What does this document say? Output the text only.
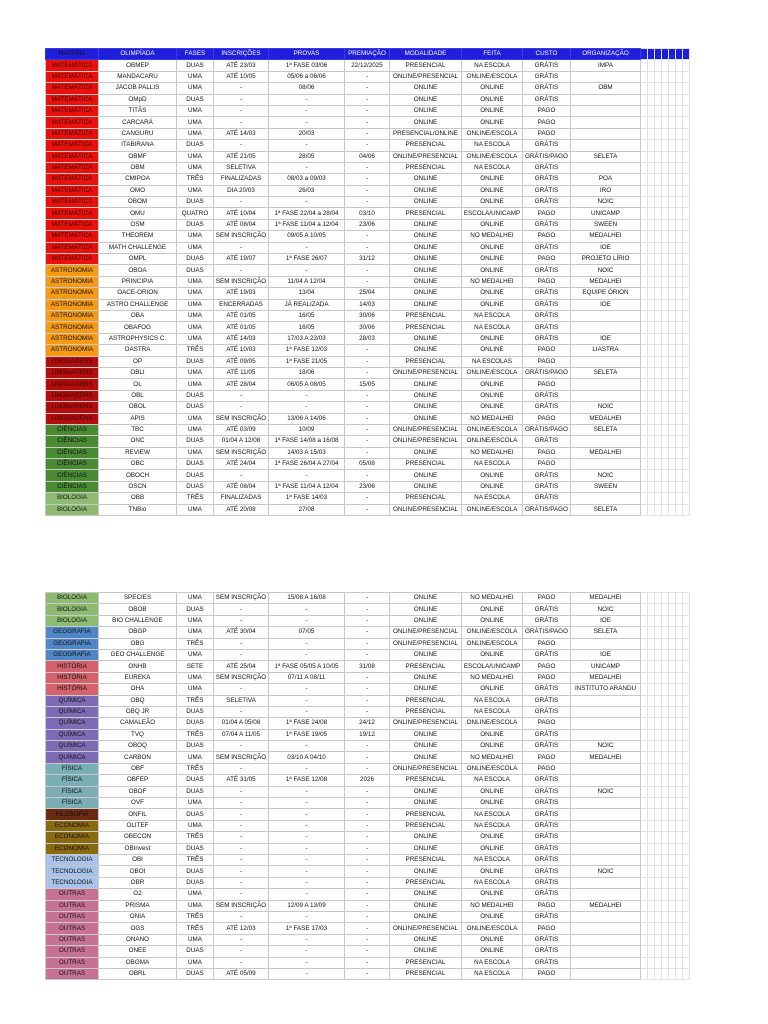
MATÉRIA	OLIMPÍADA	FASES	INSCRIÇÕES	PROVAS	PREMIAÇÃO	MODALIDADE	FEITA	CUSTO	ORGANIZAÇÃO							
MATEMÁTICA	OBMEP	DUAS	ATÉ 23/03	1ª FASE 03/06	22/12/2025	PRESENCIAL	NA ESCOLA	GRÁTIS	IMPA							
MATEMÁTICA	MANDACARU	UMA	ATÉ 10/05	05/06 a 06/06	-	ONLINE/PRESENCIAL	ONLINE/ESCOLA	GRÁTIS								
MATEMÁTICA	JACOB PALLIS	UMA	-	08/06	-	ONLINE	ONLINE	GRÁTIS	OBM							
MATEMÁTICA	OMpD	DUAS	-	-	-	ONLINE	ONLINE	GRÁTIS								
MATEMÁTICA	TITÃS	UMA	-	-	-	ONLINE	ONLINE	PAGO								
MATEMÁTICA	CARCARÁ	UMA	-	-	-	ONLINE	ONLINE	PAGO								
MATEMÁTICA	CANGURU	UMA	ATÉ 14/03	20/03	-	PRESENCIAL/ONLINE	ONLINE/ESCOLA	PAGO								
MATEMÁTICA	ITABIRANA	DUAS	-	-	-	PRESENCIAL	NA ESCOLA	GRÁTIS								
MATEMÁTICA	OBMF	UMA	ATÉ 21/05	28/05	04/06	ONLINE/PRESENCIAL	ONLINE/ESCOLA	GRÁTIS/PAGO	SELETA							
MATEMÁTICA	OBM	UMA	SELETIVA	-	-	PRESENCIAL	NA ESCOLA	GRÁTIS								
MATEMÁTICA	CMIPOA	TRÊS	FINALIZADAS	08/03 a 09/03	-	ONLINE	ONLINE	GRÁTIS	POA							
MATEMÁTICA	OMO	UMA	DIA 20/03	26/03	-	ONLINE	ONLINE	GRÁTIS	IRO							
MATEMÁTICA	OBOM	DUAS	-	-	-	ONLINE	ONLINE	GRÁTIS	NOIC							
MATEMÁTICA	OMU	QUATRO	ATÉ 10/04	1ª FASE 22/04 a 28/04	03/10	PRESENCIAL	ESCOLA/UNICAMP	PAGO	UNICAMP							
MATEMÁTICA	OSM	DUAS	ATÉ 08/04	1ª FASE 11/04 a 12/04	23/06	ONLINE	ONLINE	GRÁTIS	SWEEN							
MATEMÁTICA	THEOREM	UMA	SEM INSCRIÇÃO	09/05 A 10/05	-	ONLINE	NO MEDALHEI	PAGO	MEDALHEI							
MATEMÁTICA	MATH CHALLENGE	UMA	-	-	-	ONLINE	ONLINE	GRÁTIS	IOE							
MATEMÁTICA	OMPL	DUAS	ATÉ 19/07	1ª FASE 26/07	31/12	ONLINE	ONLINE	PAGO	PROJETO LÍRIO							
ASTRONOMIA	OBOA	DUAS	-	-	-	ONLINE	ONLINE	GRÁTIS	NOIC							
ASTRONOMIA	PRINCIPIA	UMA	SEM INSCRIÇÃO	11/04 A 12/04	-	ONLINE	NO MEDALHEI	PAGO	MEDALHEI							
ASTRONOMIA	OACE-ORION	UMA	ATÉ 19/03	13/04	25/04	ONLINE	ONLINE	GRÁTIS	EQUIPE ÓRION							
ASTRONOMIA	ASTRO CHALLENGE	UMA	ENCERRADAS	JÁ REALIZADA	14/03	ONLINE	ONLINE	GRÁTIS	IOE							
ASTRONOMIA	OBA	UMA	ATÉ 01/05	16/05	30/06	PRESENCIAL	NA ESCOLA	GRÁTIS								
ASTRONOMIA	OBAFOG	UMA	ATÉ 01/05	16/05	30/06	PRESENCIAL	NA ESCOLA	GRÁTIS								
ASTRONOMIA	ASTROPHYSICS C.	UMA	ATÉ 14/03	17/03 A 23/03	28/03	ONLINE	ONLINE	GRÁTIS	IOE							
ASTRONOMIA	OASTRA	TRÊS	ATÉ 10/03	1ª FASE 12/03	-	ONLINE	ONLINE	PAGO	LIASTRA							
LINGUAGENS	OP	DUAS	ATÉ 09/05	1ª FASE 21/05	-	PRESENCIAL	NA ESCOLAS	PAGO								
LINGUAGENS	OBLI	UMA	ATÉ 11/05	18/06	-	ONLINE/PRESENCIAL	ONLINE/ESCOLA	GRÁTIS/PAGO	SELETA							
LINGUAGENS	OL	UMA	ATÉ 28/04	06/05 A 08/05	15/05	ONLINE	ONLINE	PAGO								
LINGUAGENS	OBL	DUAS	-	-	-	ONLINE	ONLINE	GRÁTIS								
LINGUAGENS	OBOL	DUAS	-	-	-	ONLINE	ONLINE	GRÁTIS	NOIC							
LINGUAGENS	APIS	UMA	SEM INSCRIÇÃO	13/06 A 14/06	-	ONLINE	NO MEDALHEI	PAGO	MEDALHEI							
CIÊNCIAS	TBC	UMA	ATÉ 03/09	10/09	-	ONLINE/PRESENCIAL	ONLINE/ESCOLA	GRÁTIS/PAGO	SELETA							
CIÊNCIAS	ONC	DUAS	01/04 A 12/08	1ª FASE 14/08 a 16/08	-	ONLINE/PRESENCIAL	ONLINE/ESCOLA	GRÁTIS								
CIÊNCIAS	REVIEW	UMA	SEM INSCRIÇÃO	14/03 A 15/03	-	ONLINE	NO MEDALHEI	PAGO	MEDALHEI							
CIÊNCIAS	OBC	DUAS	ATÉ 24/04	1ª FASE 26/04 A 27/04	05/08	PRESENCIAL	NA ESCOLA	PAGO								
CIÊNCIAS	OBOCH	DUAS	-	-	-	ONLINE	ONLINE	GRÁTIS	NOIC							
CIÊNCIAS	OSCN	DUAS	ATÉ 08/04	1ª FASE 11/04 A 12/04	23/06	ONLINE	ONLINE	GRÁTIS	SWEEN							
BIOLOGIA	OBB	TRÊS	FINALIZADAS	1ª FASE 14/03	-	PRESENCIAL	NA ESCOLA	GRÁTIS								
BIOLOGIA	TNBio	UMA	ATÉ 20/08	27/08	-	ONLINE/PRESENCIAL	ONLINE/ESCOLA	GRÁTIS/PAGO	SELETA							
BIOLOGIA	SPECIES	UMA	SEM INSCRIÇÃO	15/08 A 16/08	-	ONLINE	NO MEDALHEI	PAGO	MEDALHEI							
BIOLOGIA	OBOB	DUAS	-	-	-	ONLINE	ONLINE	GRÁTIS	NOIC							
BIOLOGIA	BIO CHALLENGE	UMA	-	-	-	ONLINE	ONLINE	GRÁTIS	IOE							
GEOGRAFIA	OBGP	UMA	ATÉ 30/04	07/05	-	ONLINE/PRESENCIAL	ONLINE/ESCOLA	GRÁTIS/PAGO	SELETA							
GEOGRAFIA	OBG	TRÊS	-	-	-	ONLINE/PRESENCIAL	ONLINE/ESCOLA	PAGO								
GEOGRAFIA	GEO CHALLENGE	UMA	-	-	-	ONLINE	ONLINE	GRÁTIS	IOE							
HISTÓRIA	ONHB	SETE	ATÉ 25/04	1ª FASE 05/05 A 10/05	31/08	PRESENCIAL	ESCOLA/UNICAMP	PAGO	UNICAMP							
HISTÓRIA	EUREKA	UMA	SEM INSCRIÇÃO	07/11 A 08/11	-	ONLINE	NO MEDALHEI	PAGO	MEDALHEI							
HISTÓRIA	OHA	UMA	-	-	-	ONLINE	ONLINE	GRÁTIS	INSTITUTO ARANDU							
QUÍMICA	OBQ	TRÊS	SELETIVA	-	-	PRESENCIAL	NA ESCOLA	GRÁTIS								
QUÍMICA	OBQ JR	DUAS	-	-	-	PRESENCIAL	NA ESCOLA	GRÁTIS								
QUÍMICA	CAMALEÃO	DUAS	01/04 A 05/08	1ª FASE 24/08	24/12	ONLINE/PRESENCIAL	ONLINE/ESCOLA	PAGO								
QUÍMICA	TVQ	TRÊS	07/04 A 11/05	1ª FASE 19/05	19/12	ONLINE	ONLINE	GRÁTIS								
QUÍMICA	OBOQ	DUAS	-	-	-	ONLINE	ONLINE	GRÁTIS	NOIC							
QUÍMICA	CARBON	UMA	SEM INSCRIÇÃO	03/10 A 04/10	-	ONLINE	NO MEDALHEI	PAGO	MEDALHEI							
FÍSICA	OBF	TRÊS	-	-	-	ONLINE/PRESENCIAL	ONLINE/ESCOLA	PAGO								
FÍSICA	OBFEP	DUAS	ATÉ 31/05	1ª FASE 12/08	2026	PRESENCIAL	NA ESCOLA	GRÁTIS								
FÍSICA	OBOF	DUAS	-	-	-	ONLINE	ONLINE	GRÁTIS	NOIC							
FÍSICA	OVF	UMA	-	-	-	ONLINE	ONLINE	GRÁTIS								
FILOSOFIA	ONFIL	DUAS	-	-	-	PRESENCIAL	NA ESCOLA	GRÁTIS								
ECONOMIA	OLITEF	UMA	-	-	-	PRESENCIAL	NA ESCOLA	GRÁTIS								
ECONOMIA	OBECON	TRÊS	-	-	-	ONLINE	ONLINE	GRÁTIS								
ECONOMIA	OBInvest	DUAS	-	-	-	ONLINE	ONLINE	GRÁTIS								
TECNOLOGIA	OBI	TRÊS	-	-	-	PRESENCIAL	NA ESCOLA	GRÁTIS								
TECNOLOGIA	OBOI	DUAS	-	-	-	ONLINE	ONLINE	GRÁTIS	NOIC							
TECNOLOGIA	OBR	DUAS	-	-	-	PRESENCIAL	NA ESCOLA	GRÁTIS								
OUTRAS	O2	UMA	-	-	-	ONLINE	ONLINE	GRÁTIS								
OUTRAS	PRISMA	UMA	SEM INSCRIÇÃO	12/09 A 13/09	-	ONLINE	NO MEDALHEI	PAGO	MEDALHEI							
OUTRAS	ONIA	TRÊS	-	-	-	ONLINE	ONLINE	GRÁTIS								
OUTRAS	OGS	TRÊS	ATÉ 12/03	1ª FASE 17/03	-	ONLINE/PRESENCIAL	ONLINE/ESCOLA	PAGO								
OUTRAS	ONANO	UMA	-	-	-	ONLINE	ONLINE	GRÁTIS								
OUTRAS	ONEE	DUAS	-	-	-	ONLINE	ONLINE	GRÁTIS								
OUTRAS	OBGMA	UMA	-	-	-	PRESENCIAL	NA ESCOLA	GRÁTIS								
OUTRAS	OBRL	DUAS	ATÉ 05/09	-	-	PRESENCIAL	NA ESCOLA	PAGO								
